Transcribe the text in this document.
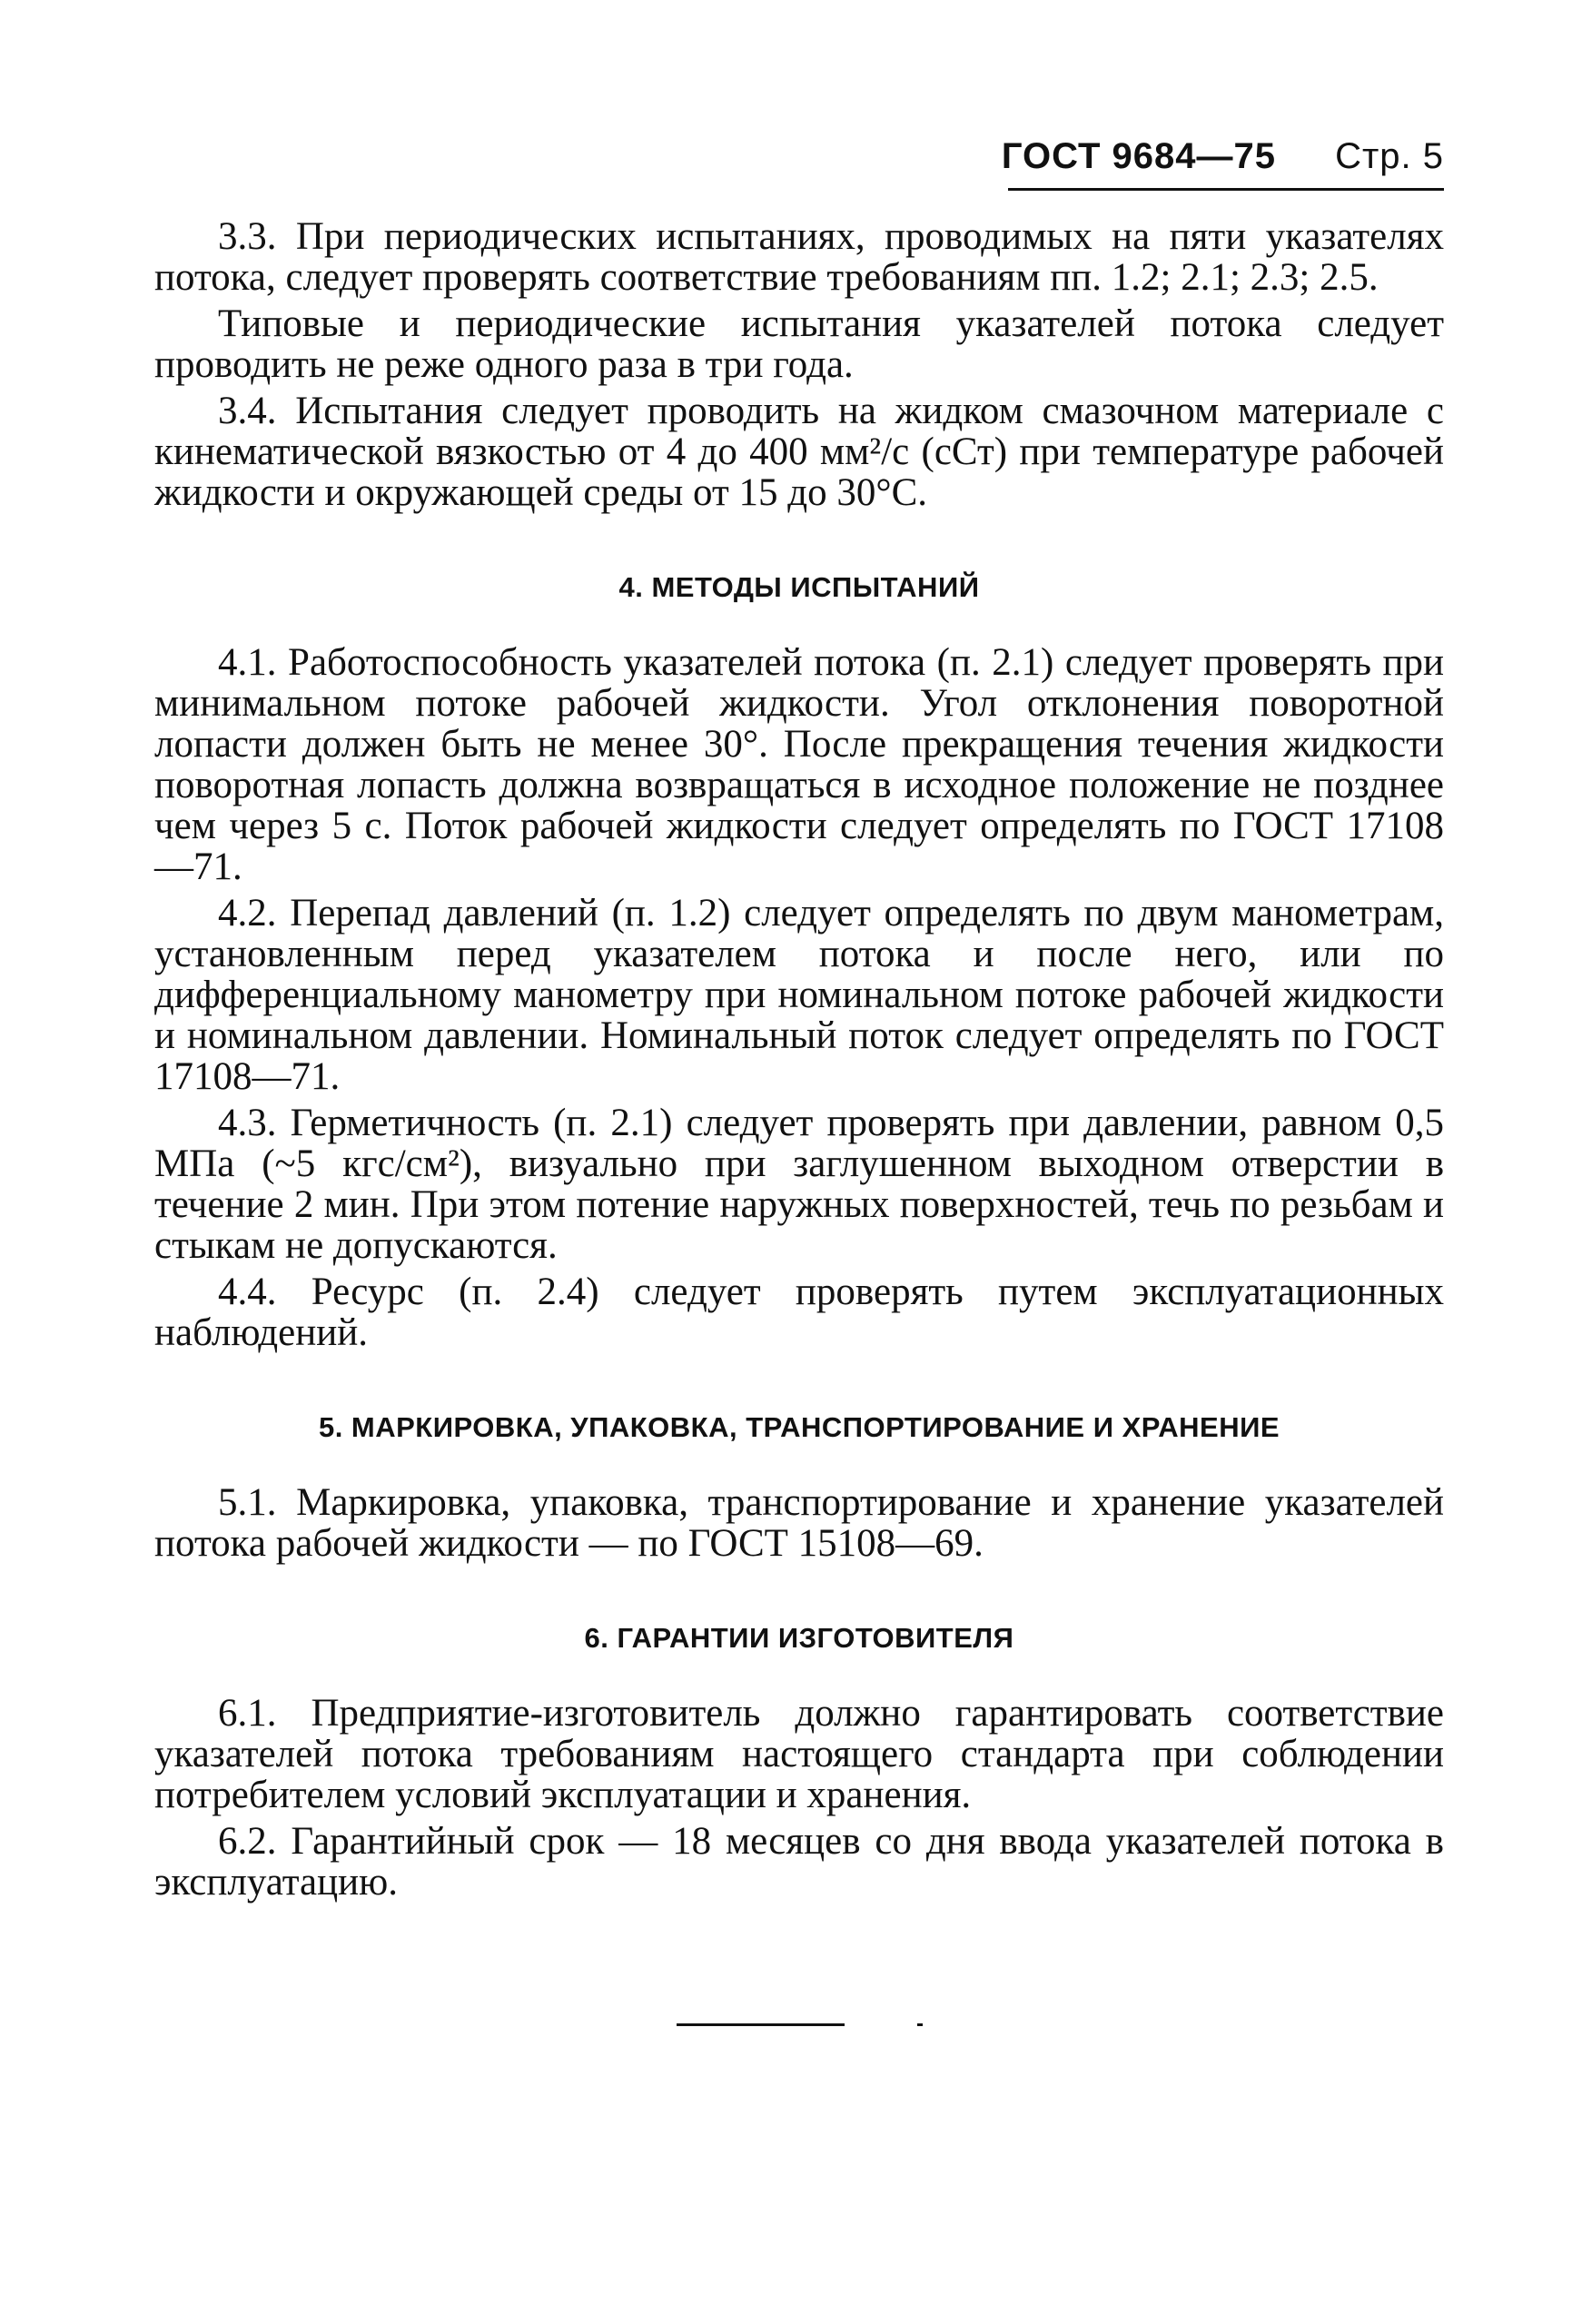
ГОСТ 9684—75 Стр. 5

3.3. При периодических испытаниях, проводимых на пяти указателях потока, следует проверять соответствие требованиям пп. 1.2; 2.1; 2.3; 2.5.

Типовые и периодические испытания указателей потока следует проводить не реже одного раза в три года.

3.4. Испытания следует проводить на жидком смазочном материале с кинематической вязкостью от 4 до 400 мм²/с (сСт) при температуре рабочей жидкости и окружающей среды от 15 до 30°С.

4. МЕТОДЫ ИСПЫТАНИЙ

4.1. Работоспособность указателей потока (п. 2.1) следует проверять при минимальном потоке рабочей жидкости. Угол отклонения поворотной лопасти должен быть не менее 30°. После прекращения течения жидкости поворотная лопасть должна возвращаться в исходное положение не позднее чем через 5 с. Поток рабочей жидкости следует определять по ГОСТ 17108—71.

4.2. Перепад давлений (п. 1.2) следует определять по двум манометрам, установленным перед указателем потока и после него, или по дифференциальному манометру при номинальном потоке рабочей жидкости и номинальном давлении. Номинальный поток следует определять по ГОСТ 17108—71.

4.3. Герметичность (п. 2.1) следует проверять при давлении, равном 0,5 МПа (~5 кгс/см²), визуально при заглушенном выходном отверстии в течение 2 мин. При этом потение наружных поверхностей, течь по резьбам и стыкам не допускаются.

4.4. Ресурс (п. 2.4) следует проверять путем эксплуатационных наблюдений.

5. МАРКИРОВКА, УПАКОВКА, ТРАНСПОРТИРОВАНИЕ И ХРАНЕНИЕ

5.1. Маркировка, упаковка, транспортирование и хранение указателей потока рабочей жидкости — по ГОСТ 15108—69.

6. ГАРАНТИИ ИЗГОТОВИТЕЛЯ

6.1. Предприятие-изготовитель должно гарантировать соответствие указателей потока требованиям настоящего стандарта при соблюдении потребителем условий эксплуатации и хранения.

6.2. Гарантийный срок — 18 месяцев со дня ввода указателей потока в эксплуатацию.
